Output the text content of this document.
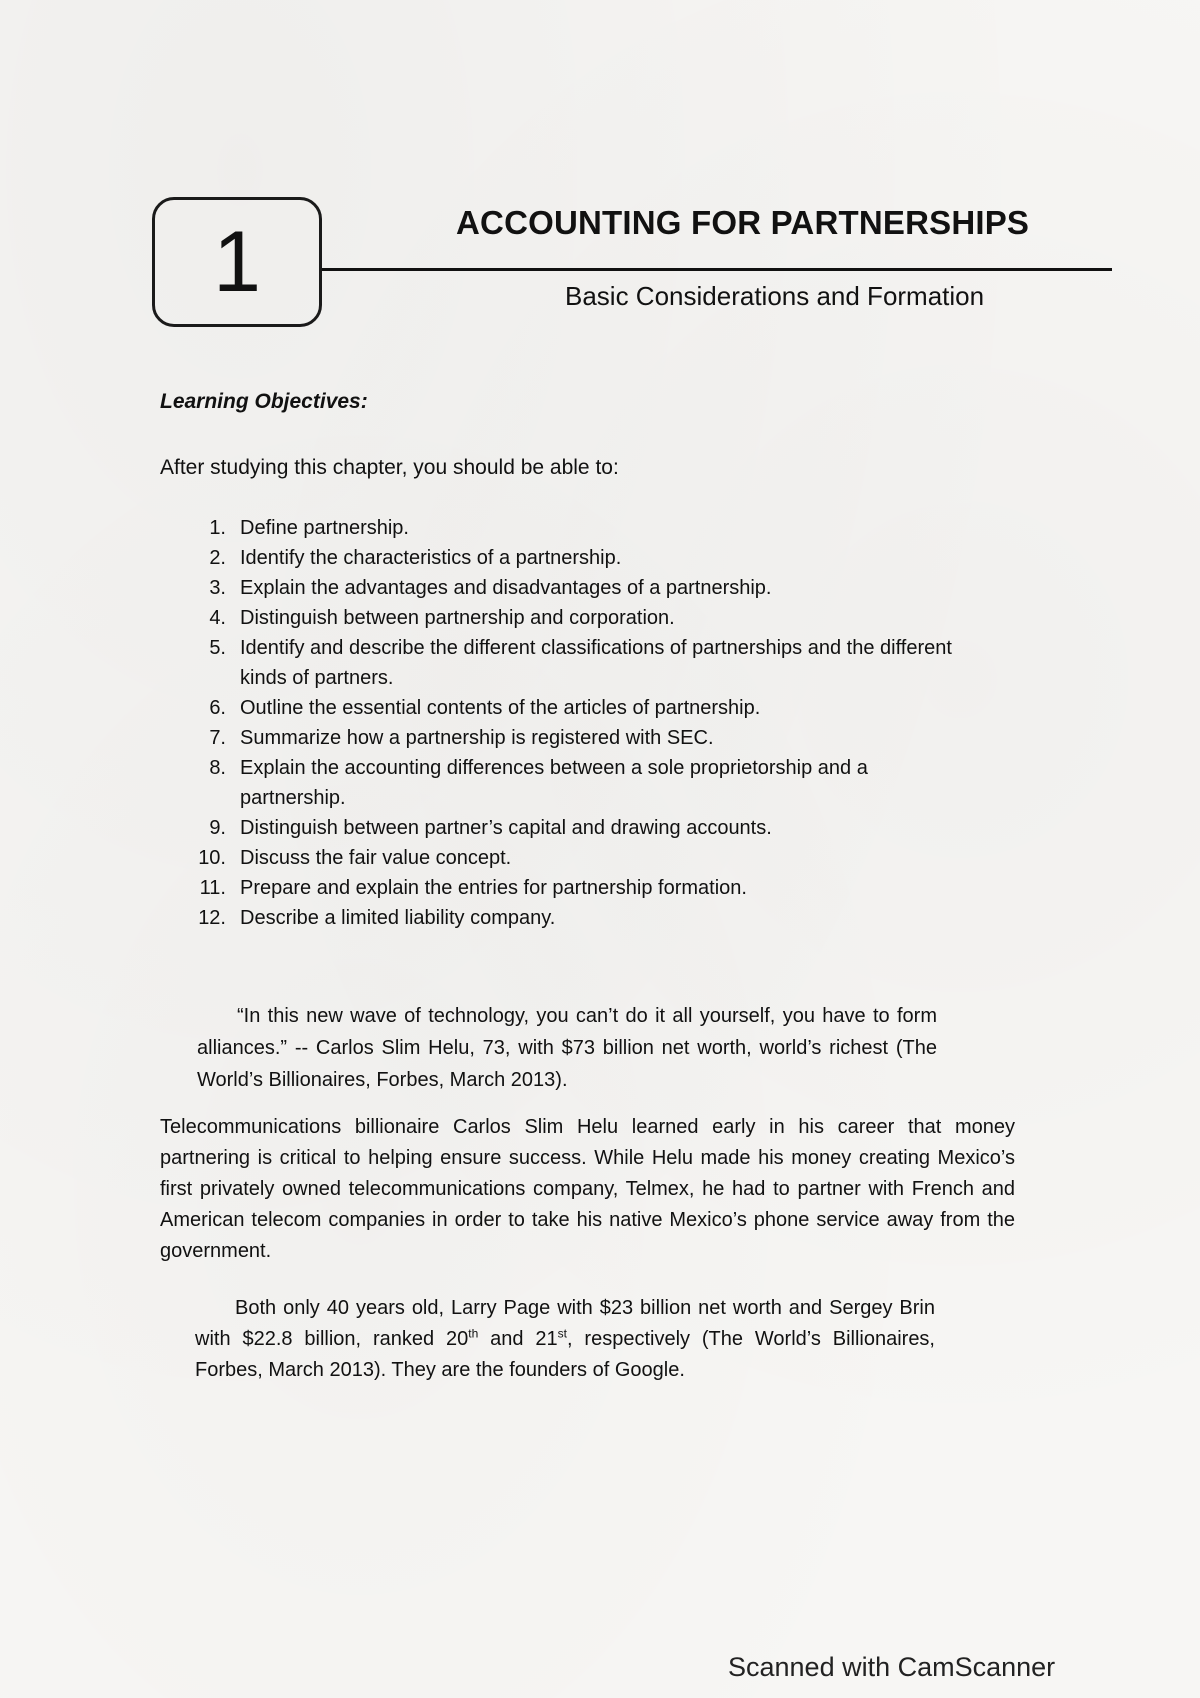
1	ACCOUNTING FOR PARTNERSHIPS
Basic Considerations and Formation
Learning Objectives:
After studying this chapter, you should be able to:
1. Define partnership.
2. Identify the characteristics of a partnership.
3. Explain the advantages and disadvantages of a partnership.
4. Distinguish between partnership and corporation.
5. Identify and describe the different classifications of partnerships and the different kinds of partners.
6. Outline the essential contents of the articles of partnership.
7. Summarize how a partnership is registered with SEC.
8. Explain the accounting differences between a sole proprietorship and a partnership.
9. Distinguish between partner’s capital and drawing accounts.
10. Discuss the fair value concept.
11. Prepare and explain the entries for partnership formation.
12. Describe a limited liability company.
“In this new wave of technology, you can’t do it all yourself, you have to form alliances.” -- Carlos Slim Helu, 73, with $73 billion net worth, world’s richest (The World’s Billionaires, Forbes, March 2013).
Telecommunications billionaire Carlos Slim Helu learned early in his career that money partnering is critical to helping ensure success. While Helu made his money creating Mexico’s first privately owned telecommunications company, Telmex, he had to partner with French and American telecom companies in order to take his native Mexico’s phone service away from the government.
Both only 40 years old, Larry Page with $23 billion net worth and Sergey Brin with $22.8 billion, ranked 20th and 21st, respectively (The World’s Billionaires, Forbes, March 2013). They are the founders of Google.
Scanned with CamScanner
